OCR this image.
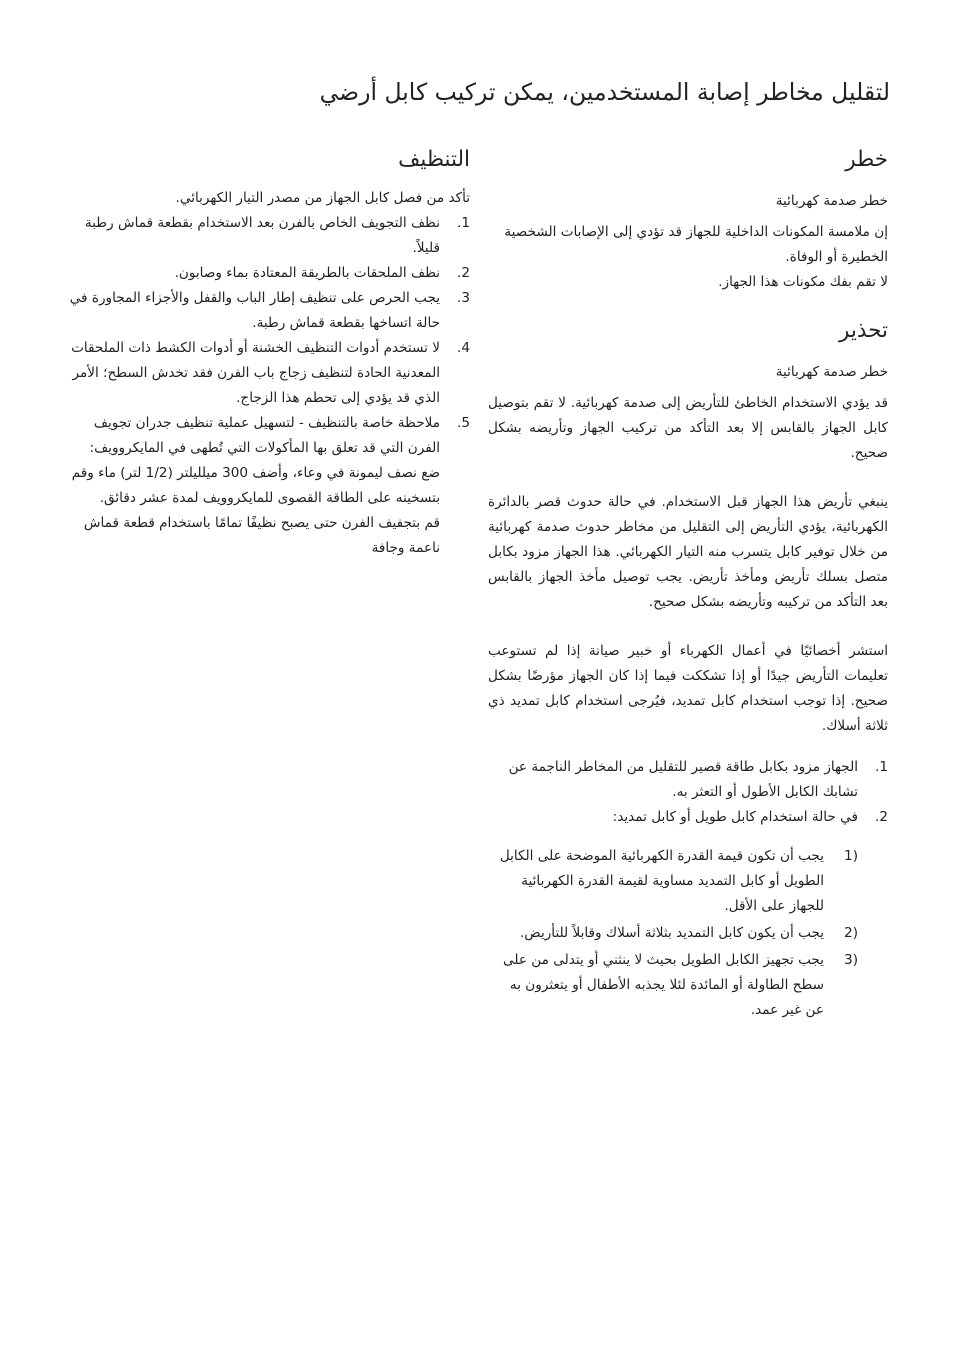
لتقليل مخاطر إصابة المستخدمين، يمكن تركيب كابل أرضي
خطر

خطر صدمة كهربائية

إن ملامسة المكونات الداخلية للجهاز قد تؤدي إلى الإصابات الشخصية الخطيرة أو الوفاة.

لا تقم بفك مكونات هذا الجهاز.

تحذير

خطر صدمة كهربائية

قد يؤدي الاستخدام الخاطئ للتأريض إلى صدمة كهربائية. لا تقم بتوصيل كابل الجهاز بالقابس إلا بعد التأكد من تركيب الجهاز وتأريضه بشكل صحيح.

ينبغي تأريض هذا الجهاز قبل الاستخدام. في حالة حدوث قصر بالدائرة الكهربائية، يؤدي التأريض إلى التقليل من مخاطر حدوث صدمة كهربائية من خلال توفير كابل يتسرب منه التيار الكهربائي. هذا الجهاز مزود بكابل متصل بسلك تأريض ومأخذ تأريض. يجب توصيل مأخذ الجهاز بالقابس بعد التأكد من تركيبه وتأريضه بشكل صحيح.

استشر أخصائيًا في أعمال الكهرباء أو خبير صيانة إذا لم تستوعب تعليمات التأريض جيدًا أو إذا تشككت فيما إذا كان الجهاز مؤرضًا بشكل صحيح. إذا توجب استخدام كابل تمديد، فيُرجى استخدام كابل تمديد ذي ثلاثة أسلاك.

1.
الجهاز مزود بكابل طاقة قصير للتقليل من المخاطر الناجمة عن تشابك الكابل الأطول أو التعثر به.
2.
في حالة استخدام كابل طويل أو كابل تمديد:
(1
يجب أن تكون قيمة القدرة الكهربائية الموضحة على الكابل الطويل أو كابل التمديد مساوية لقيمة القدرة الكهربائية للجهاز على الأقل.
(2
يجب أن يكون كابل التمديد بثلاثة أسلاك وقابلاً للتأريض.
(3
يجب تجهيز الكابل الطويل بحيث لا ينثني أو يتدلى من على سطح الطاولة أو المائدة لئلا يجذبه الأطفال أو يتعثرون به عن غير عمد.
التنظيف

تأكد من فصل كابل الجهاز من مصدر التيار الكهربائي.

1.
نظف التجويف الخاص بالفرن بعد الاستخدام بقطعة قماش رطبة قليلاً.
2.
نظف الملحقات بالطريقة المعتادة بماء وصابون.
3.
يجب الحرص على تنظيف إطار الباب والقفل والأجزاء المجاورة في حالة اتساخها بقطعة قماش رطبة.
4.
لا تستخدم أدوات التنظيف الخشنة أو أدوات الكشط ذات الملحقات المعدنية الحادة لتنظيف زجاج باب الفرن فقد تخدش السطح؛ الأمر الذي قد يؤدي إلى تحطم هذا الزجاج.
5.
ملاحظة خاصة بالتنظيف - لتسهيل عملية تنظيف جدران تجويف الفرن التي قد تعلق بها المأكولات التي تُطهى في المايكروويف:

ضع نصف ليمونة في وعاء، وأضف 300 ميلليلتر (1/2 لتر) ماء وقم بتسخينه على الطاقة القصوى للمايكروويف لمدة عشر دقائق.

قم بتجفيف الفرن حتى يصبح نظيفًا تمامًا باستخدام قطعة قماش ناعمة وجافة
